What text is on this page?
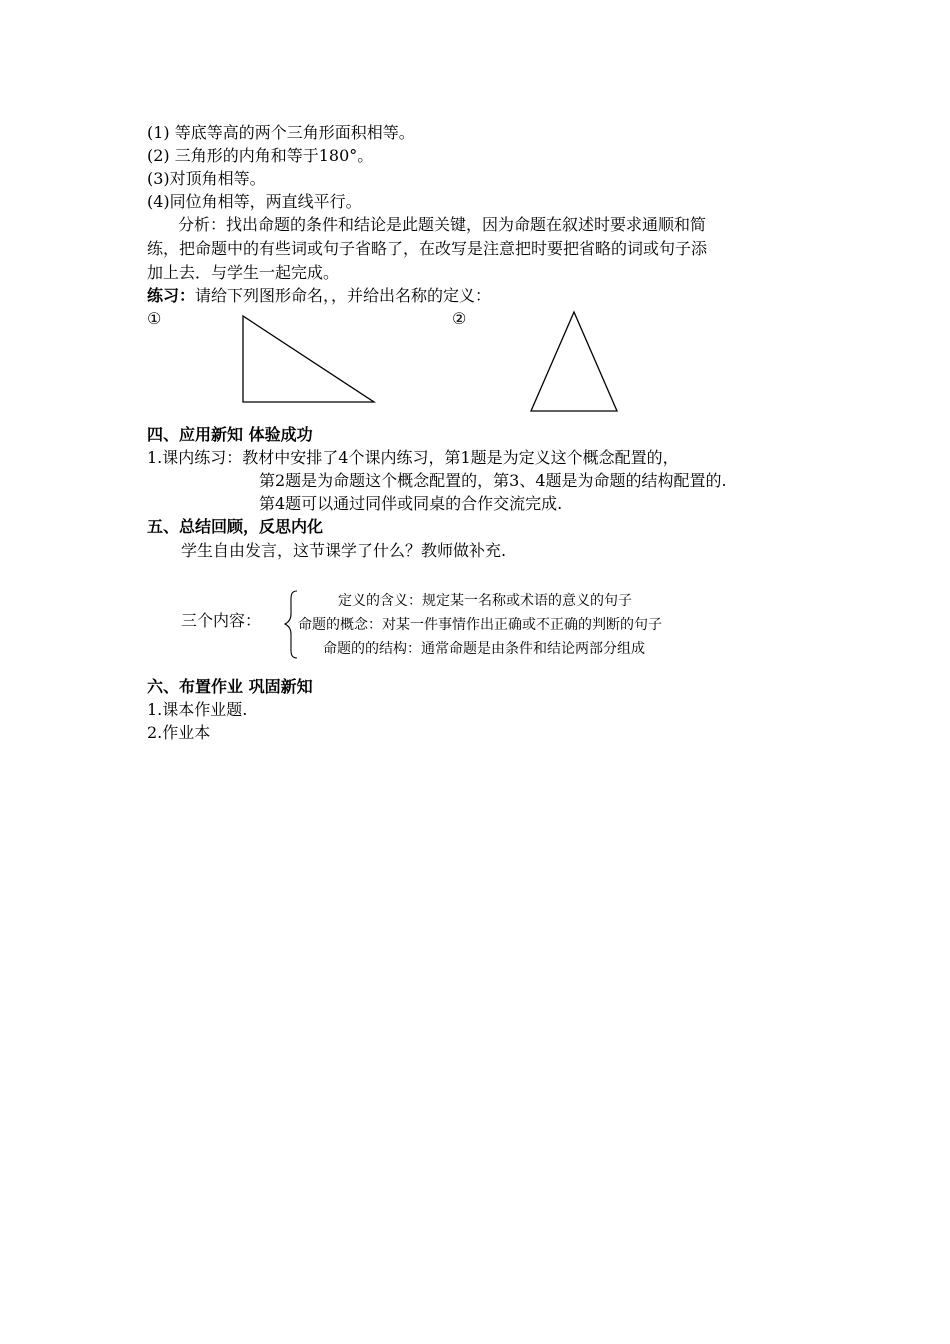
(1) 等底等高的两个三角形面积相等。
(2) 三角形的内角和等于180°。
(3)对顶角相等。
(4)同位角相等，两直线平行。
分析：找出命题的条件和结论是此题关键，因为命题在叙述时要求通顺和简
练，把命题中的有些词或句子省略了，在改写是注意把时要把省略的词或句子添
加上去．与学生一起完成。
练习：请给下列图形命名，，并给出名称的定义：
①	②
四、应用新知 体验成功
1.课内练习：教材中安排了4个课内练习，第1题是为定义这个概念配置的，
第2题是为命题这个概念配置的，第3、4题是为命题的结构配置的.
第4题可以通过同伴或同桌的合作交流完成.
五、总结回顾，反思内化
学生自由发言，这节课学了什么？教师做补充.
三个内容：
定义的含义：规定某一名称或术语的意义的句子
命题的概念：对某一件事情作出正确或不正确的判断的句子
命题的的结构：通常命题是由条件和结论两部分组成
六、布置作业 巩固新知
1.课本作业题.
2.作业本
